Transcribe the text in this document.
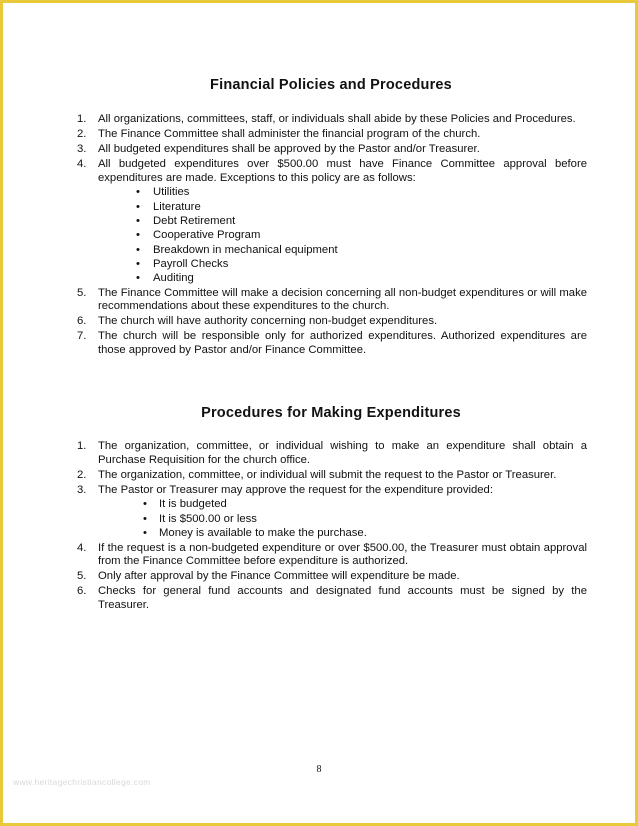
Financial Policies and Procedures
1.	All organizations, committees, staff, or individuals shall abide by these Policies and Procedures.
2.	The Finance Committee shall administer the financial program of the church.
3.	All budgeted expenditures shall be approved by the Pastor and/or Treasurer.
4.	All budgeted expenditures over $500.00 must have Finance Committee approval before expenditures are made. Exceptions to this policy are as follows:
• Utilities
• Literature
• Debt Retirement
• Cooperative Program
• Breakdown in mechanical equipment
• Payroll Checks
• Auditing
5.	The Finance Committee will make a decision concerning all non-budget expenditures or will make recommendations about these expenditures to the church.
6.	The church will have authority concerning non-budget expenditures.
7.	The church will be responsible only for authorized expenditures. Authorized expenditures are those approved by Pastor and/or Finance Committee.
Procedures for Making Expenditures
1.	The organization, committee, or individual wishing to make an expenditure shall obtain a Purchase Requisition for the church office.
2.	The organization, committee, or individual will submit the request to the Pastor or Treasurer.
3.	The Pastor or Treasurer may approve the request for the expenditure provided:
• It is budgeted
• It is $500.00 or less
• Money is available to make the purchase.
4.	If the request is a non-budgeted expenditure or over $500.00, the Treasurer must obtain approval from the Finance Committee before expenditure is authorized.
5.	Only after approval by the Finance Committee will expenditure be made.
6.	Checks for general fund accounts and designated fund accounts must be signed by the Treasurer.
8
www.heritagechristiancollege.com
